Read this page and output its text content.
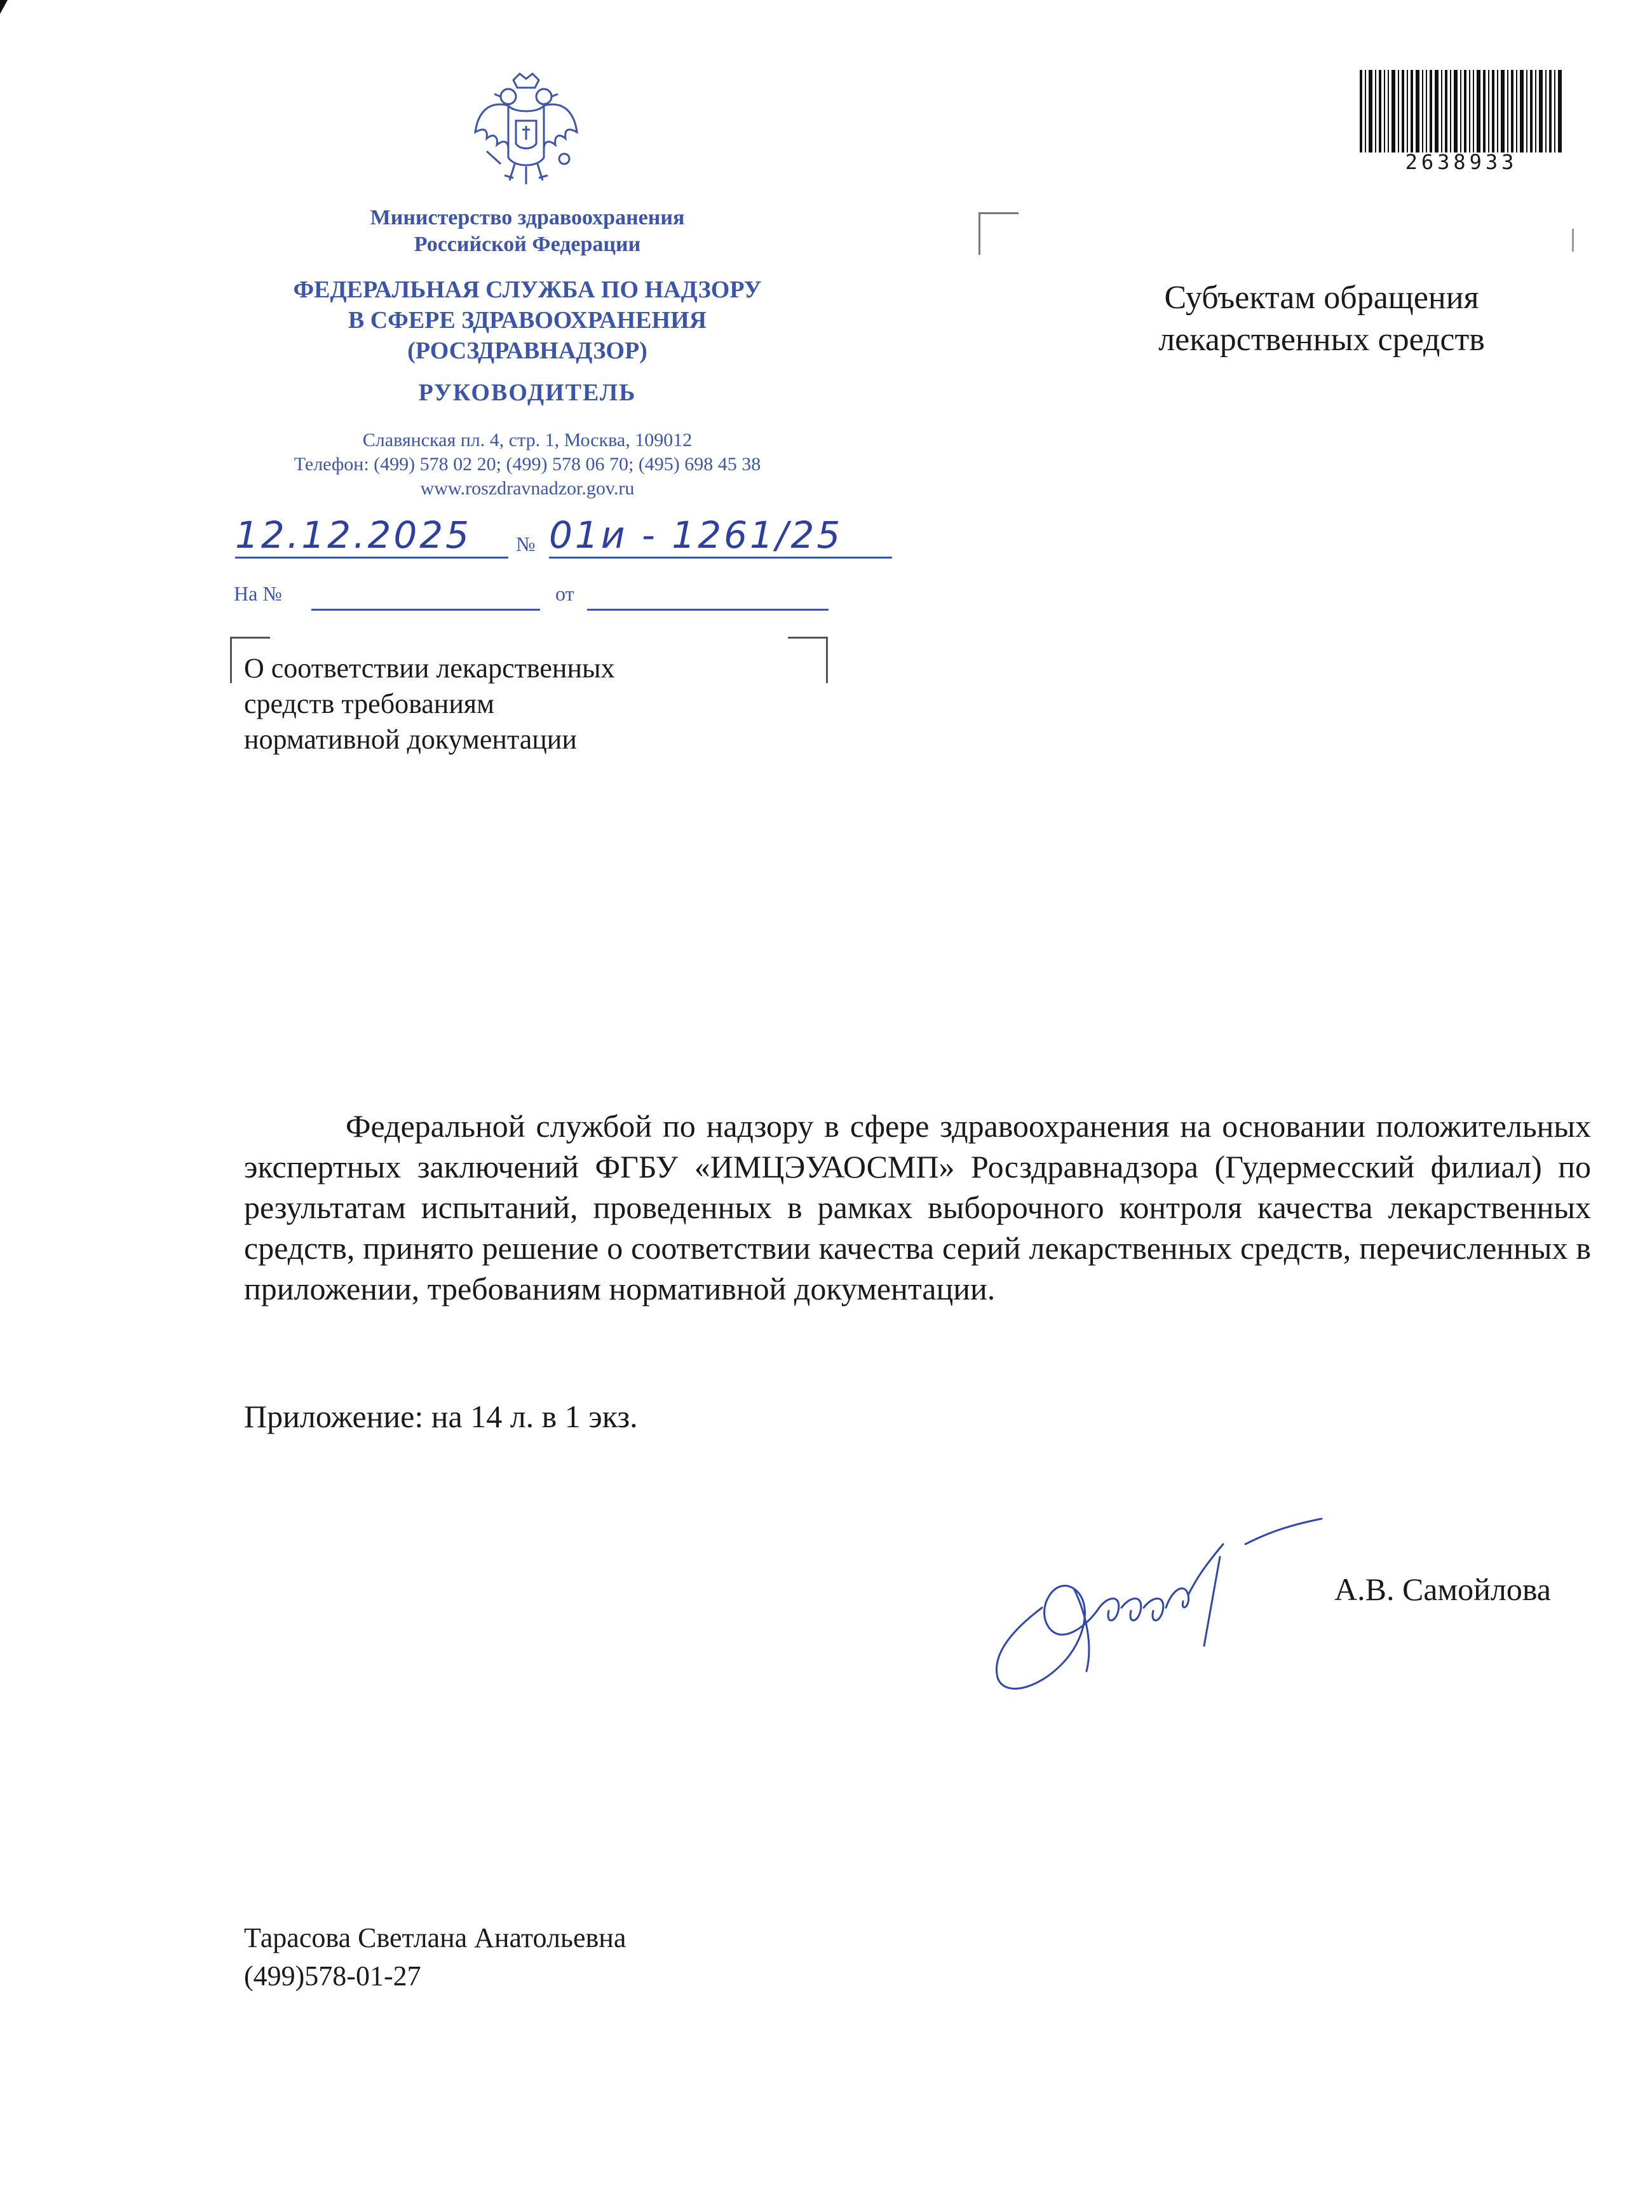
Министерство здравоохранения
Российской Федерации
ФЕДЕРАЛЬНАЯ СЛУЖБА ПО НАДЗОРУ
В СФЕРЕ ЗДРАВООХРАНЕНИЯ
(РОСЗДРАВНАДЗОР)
РУКОВОДИТЕЛЬ
Славянская пл. 4, стр. 1, Москва, 109012
Телефон: (499) 578 02 20; (499) 578 06 70; (495) 698 45 38
www.roszdravnadzor.gov.ru
12.12.2025	№ 01и - 1261/25
На №	от
О соответствии лекарственных
средств требованиям
нормативной документации
Субъектам обращения
лекарственных средств
2638933
Федеральной службой по надзору в сфере здравоохранения на основании положительных экспертных заключений ФГБУ «ИМЦЭУАОСМП» Росздравнадзора (Гудермесский филиал) по результатам испытаний, проведенных в рамках выборочного контроля качества лекарственных средств, принято решение о соответствии качества серий лекарственных средств, перечисленных в приложении, требованиям нормативной документации.
Приложение: на 14 л. в 1 экз.
А.В. Самойлова
Тарасова Светлана Анатольевна
(499)578-01-27
